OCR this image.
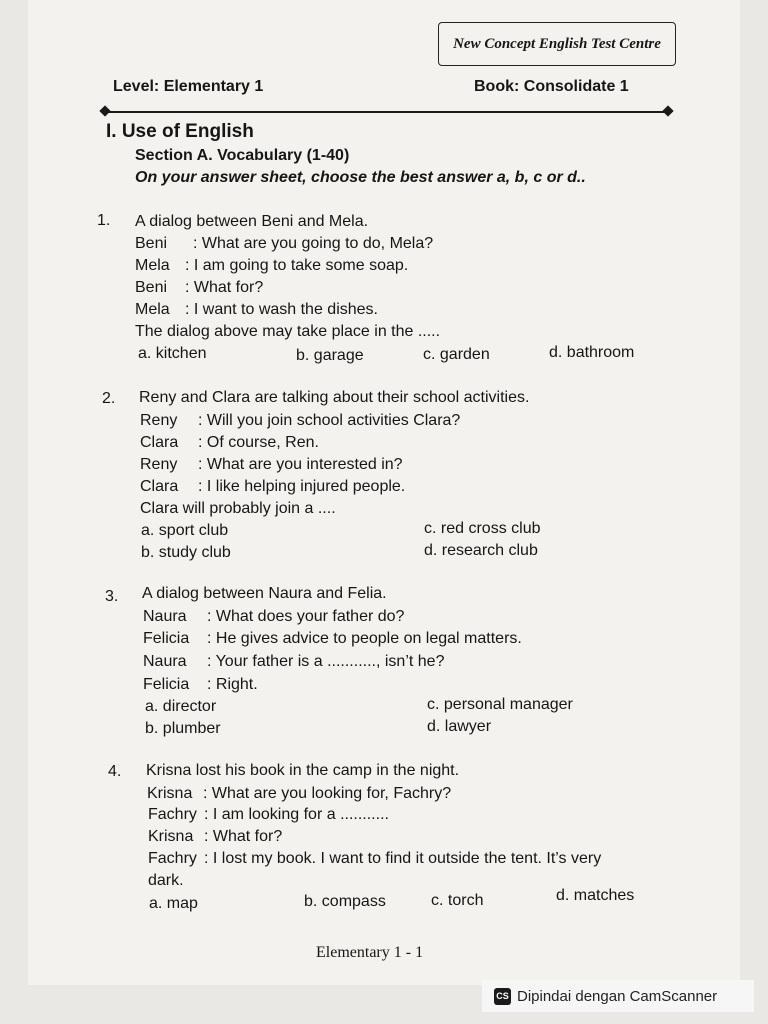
New Concept English Test Centre
Level: Elementary 1	Book: Consolidate 1
I. Use of English
Section A. Vocabulary (1-40)
On your answer sheet, choose the best answer a, b, c or d..
1. A dialog between Beni and Mela.
Beni : What are you going to do, Mela?
Mela : I am going to take some soap.
Beni : What for?
Mela : I want to wash the dishes.
The dialog above may take place in the .....
a. kitchen	b. garage	c. garden	d. bathroom
2. Reny and Clara are talking about their school activities.
Reny : Will you join school activities Clara?
Clara : Of course, Ren.
Reny : What are you interested in?
Clara : I like helping injured people.
Clara will probably join a ....
a. sport club
b. study club
c. red cross club
d. research club
3. A dialog between Naura and Felia.
Naura : What does your father do?
Felicia : He gives advice to people on legal matters.
Naura : Your father is a ..........., isn’t he?
Felicia : Right.
a. director
b. plumber
c. personal manager
d. lawyer
4. Krisna lost his book in the camp in the night.
Krisna : What are you looking for, Fachry?
Fachry : I am looking for a ...........
Krisna : What for?
Fachry : I lost my book. I want to find it outside the tent. It’s very
dark.
a. map	b. compass	c. torch	d. matches
Elementary 1 - 1
CS Dipindai dengan CamScanner
